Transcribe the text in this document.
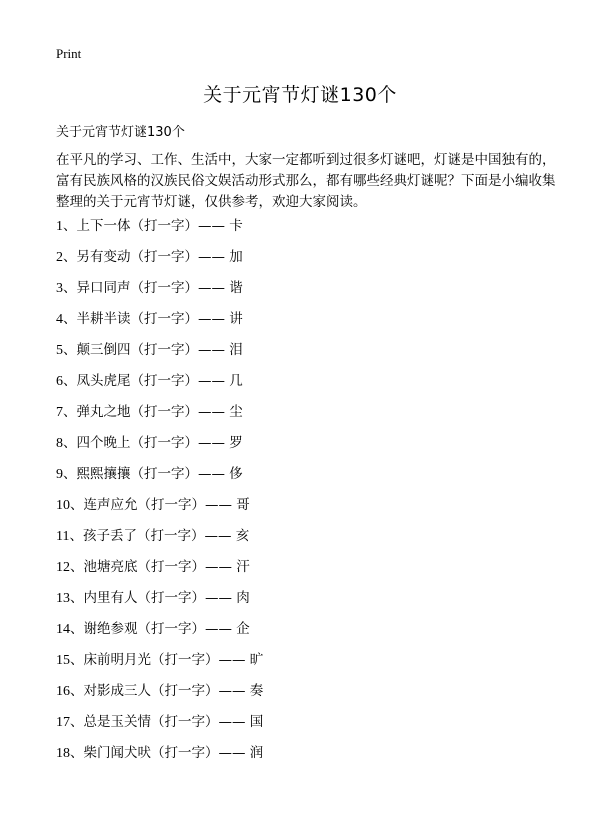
Print
关于元宵节灯谜130个
关于元宵节灯谜130个

在平凡的学习、工作、生活中，大家一定都听到过很多灯谜吧，灯谜是中国独有的，富有民族风格的汉族民俗文娱活动形式那么，都有哪些经典灯谜呢？下面是小编收集整理的关于元宵节灯谜，仅供参考，欢迎大家阅读。

1、上下一体（打一字）—— 卡
2、另有变动（打一字）—— 加
3、异口同声（打一字）—— 谐
4、半耕半读（打一字）—— 讲
5、颠三倒四（打一字）—— 泪
6、凤头虎尾（打一字）—— 几
7、弹丸之地（打一字）—— 尘
8、四个晚上（打一字）—— 罗
9、熙熙攘攘（打一字）—— 侈
10、连声应允（打一字）—— 哥
11、孩子丢了（打一字）—— 亥
12、池塘亮底（打一字）—— 汗
13、内里有人（打一字）—— 肉
14、谢绝参观（打一字）—— 企
15、床前明月光（打一字）—— 旷
16、对影成三人（打一字）—— 奏
17、总是玉关情（打一字）—— 国
18、柴门闻犬吠（打一字）—— 润
